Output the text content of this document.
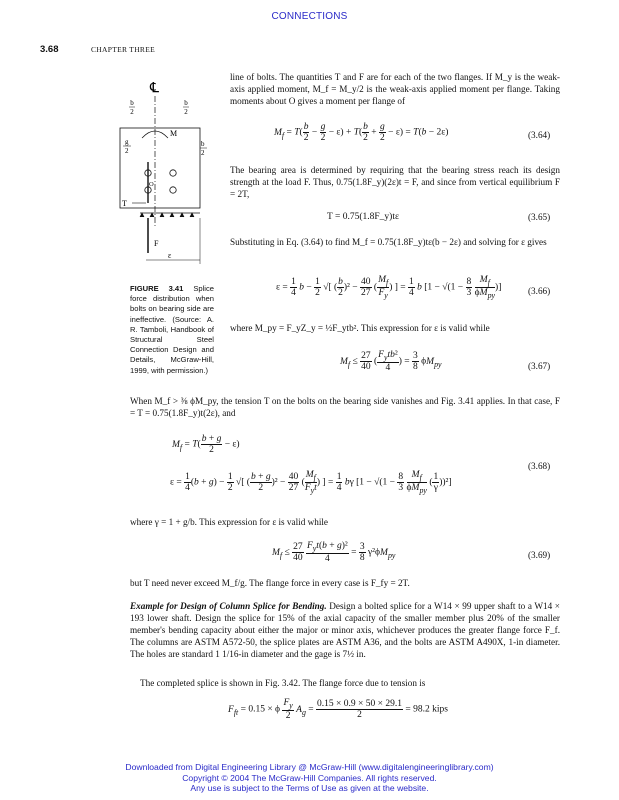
CONNECTIONS
3.68	CHAPTER THREE
℄
b
2
b
2
g
2
b
2
M
O
T
F
ε
FIGURE 3.41 Splice force distribution when bolts on bearing side are ineffective. (Source: A. R. Tamboli, Handbook of Structural Steel Connection Design and Details, McGraw-Hill, 1999, with permission.)
line of bolts. The quantities T and F are for each of the two flanges. If M_y is the weak-axis applied moment, M_f = M_y/2 is the weak-axis applied moment per flange. Taking moments about O gives a moment per flange of
$M_f = T( \frac{b}{2} - \frac{g}{2} - \varepsilon) + T( \frac{b}{2} + \frac{g}{2} - \varepsilon) = T(b - 2\varepsilon)$	(3.64)
The bearing area is determined by requiring that the bearing stress reach its design strength at the load F. Thus, 0.75(1.8F_y)(2ε)t = F, and since from vertical equilibrium F = 2T,
T = 0.75(1.8F_y)tε	(3.65)
Substituting in Eq. (3.64) to find M_f = 0.75(1.8F_y)tε(b − 2ε) and solving for ε gives
$\varepsilon = \frac{1}{4}$ $b - \frac{1}{2}$ √[ ( $\frac{b}{2} )^2 - \frac{40}{27}$ ( $\frac{M_f}{F_y}$ ) ] = $\frac{1}{4}$ b [$1 - √(1 - \frac{8}{3}$
$\frac{M_f}{\phi M_{py}}$ )]	(3.66)
where M_py = F_yZ_y = ½F_ytb². This expression for ε is valid while
$M_f \le \frac{27}{40}$ ( $\frac{F_ytb^2}{4}$ ) = $\frac{3}{8} \phi M_{py}$	(3.67)
When M_f > ⅜ ϕM_py, the tension T on the bolts on the bearing side vanishes and Fig. 3.41 applies. In that case, F = T = 0.75(1.8F_y)t(2ε), and
$M_f = T( \frac{b + g}{2} - \varepsilon)$
$\varepsilon = \frac{1}{4} (b + g) - \frac{1}{2}$ √[ ( $\frac{b + g}{2} )^2 - \frac{40}{27}$ ( $\frac{M_f}{F_yt}$ ) ] = $\frac{1}{4}$ bγ [$1 - √(1 - \frac{8}{3}$
$\frac{M_f}{\phi M_{py}}$ ( $\frac{1}{\gamma} ))^2$]
(3.68)
where γ = 1 + g/b. This expression for ε is valid while
$M_f \le \frac{27}{40}$
$\frac{F_yt(b + g)^2}{4} = \frac{3}{8} \gamma^2\phi M_{py}$	(3.69)
but T need never exceed M_f/g. The flange force in every case is F_fy = 2T.
Example for Design of Column Splice for Bending. Design a bolted splice for a W14 × 99 upper shaft to a W14 × 193 lower shaft. Design the splice for 15% of the axial capacity of the smaller member plus 20% of the smaller member's bending capacity about either the major or minor axis, whichever produces the greater flange force F_f. The columns are ASTM A572-50, the splice plates are ASTM A36, and the bolts are ASTM A490X, 1-in diameter. The holes are standard 1 1/16-in diameter and the gage is 7½ in.
The completed splice is shown in Fig. 3.42. The flange force due to tension is
$F_{ft} = 0.15 \times \phi \frac{F_y}{2} A_g = \frac{0.15 \times 0.9 \times 50 \times 29.1}{2} = 98.2$ kips
Downloaded from Digital Engineering Library @ McGraw-Hill (www.digitalengineeringlibrary.com)
Copyright © 2004 The McGraw-Hill Companies. All rights reserved.
Any use is subject to the Terms of Use as given at the website.
